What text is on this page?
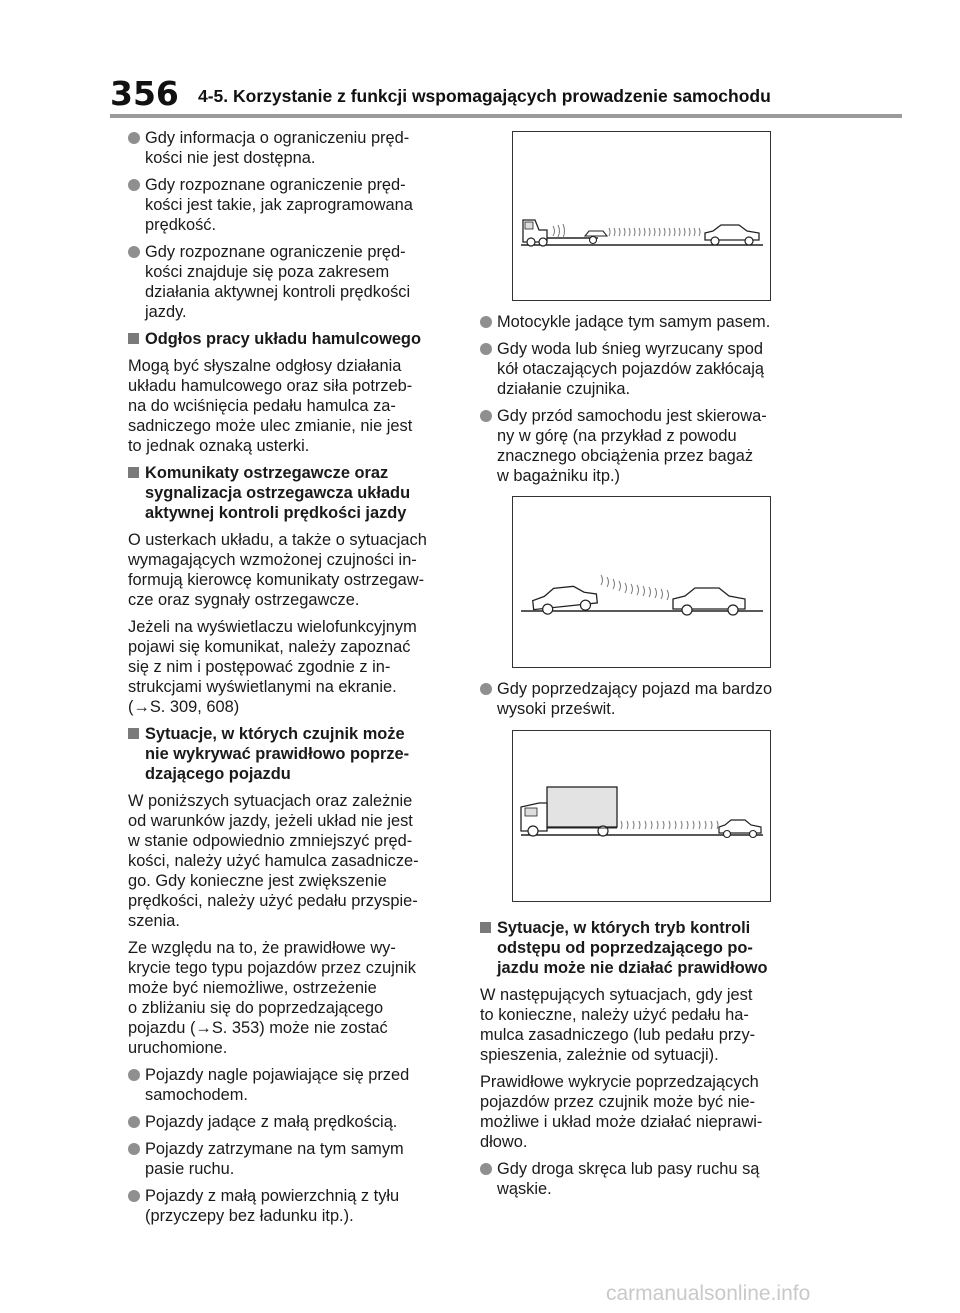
356 4-5. Korzystanie z funkcji wspomagających prowadzenie samochodu
Gdy informacja o ograniczeniu pręd-
kości nie jest dostępna.
Gdy rozpoznane ograniczenie pręd-
kości jest takie, jak zaprogramowana
prędkość.
Gdy rozpoznane ograniczenie pręd-
kości znajduje się poza zakresem
działania aktywnej kontroli prędkości
jazdy.
Odgłos pracy układu hamulcowego
Mogą być słyszalne odgłosy działania
układu hamulcowego oraz siła potrzeb-
na do wciśnięcia pedału hamulca za-
sadniczego może ulec zmianie, nie jest
to jednak oznaką usterki.
Komunikaty ostrzegawcze oraz
sygnalizacja ostrzegawcza układu
aktywnej kontroli prędkości jazdy
O usterkach układu, a także o sytuacjach
wymagających wzmożonej czujności in-
formują kierowcę komunikaty ostrzegaw-
cze oraz sygnały ostrzegawcze.
Jeżeli na wyświetlaczu wielofunkcyjnym
pojawi się komunikat, należy zapoznać
się z nim i postępować zgodnie z in-
strukcjami wyświetlanymi na ekranie.
(→S. 309, 608)
Sytuacje, w których czujnik może
nie wykrywać prawidłowo poprze-
dzającego pojazdu
W poniższych sytuacjach oraz zależnie
od warunków jazdy, jeżeli układ nie jest
w stanie odpowiednio zmniejszyć pręd-
kości, należy użyć hamulca zasadnicze-
go. Gdy konieczne jest zwiększenie
prędkości, należy użyć pedału przyspie-
szenia.
Ze względu na to, że prawidłowe wy-
krycie tego typu pojazdów przez czujnik
może być niemożliwe, ostrzeżenie
o zbliżaniu się do poprzedzającego
pojazdu (→S. 353) może nie zostać
uruchomione.
Pojazdy nagle pojawiające się przed
samochodem.
Pojazdy jadące z małą prędkością.
Pojazdy zatrzymane na tym samym
pasie ruchu.
Pojazdy z małą powierzchnią z tyłu
(przyczepy bez ładunku itp.).
Motocykle jadące tym samym pasem.
Gdy woda lub śnieg wyrzucany spod
kół otaczających pojazdów zakłócają
działanie czujnika.
Gdy przód samochodu jest skierowa-
ny w górę (na przykład z powodu
znacznego obciążenia przez bagaż
w bagażniku itp.)
Gdy poprzedzający pojazd ma bardzo
wysoki prześwit.
Sytuacje, w których tryb kontroli
odstępu od poprzedzającego po-
jazdu może nie działać prawidłowo
W następujących sytuacjach, gdy jest
to konieczne, należy użyć pedału ha-
mulca zasadniczego (lub pedału przy-
spieszenia, zależnie od sytuacji).
Prawidłowe wykrycie poprzedzających
pojazdów przez czujnik może być nie-
możliwe i układ może działać nieprawi-
dłowo.
Gdy droga skręca lub pasy ruchu są
wąskie.
carmanualsonline.info
